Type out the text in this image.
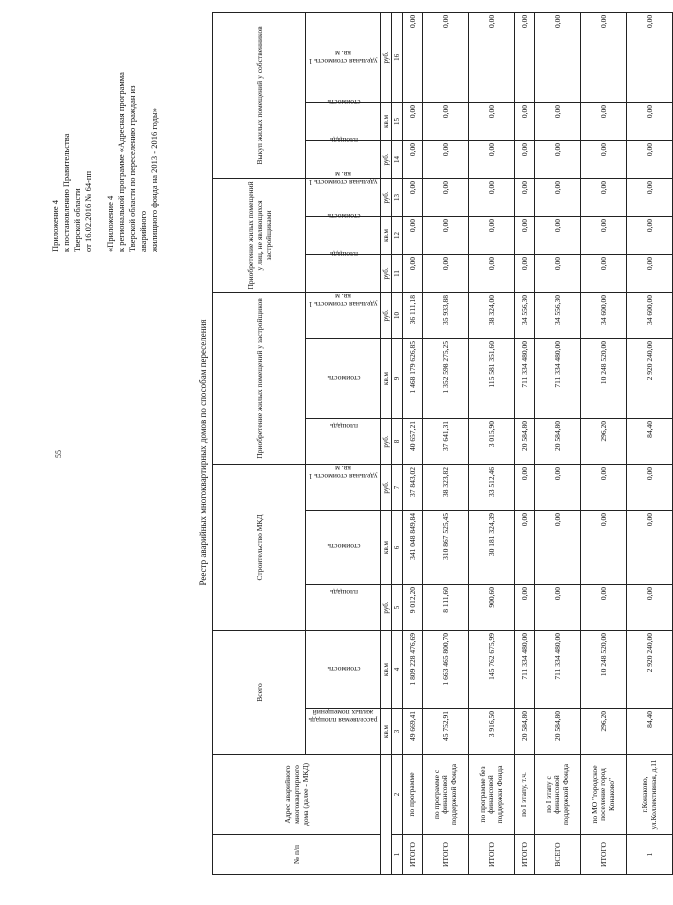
55

Приложение 4 к постановлению Правительства Тверской области от 16.02.2016 № 64-пп «Приложение 4 к региональной программе «Адресная программа Тверской области по переселению граждан из аварийного жилищного фонда на 2013 - 2016 годы»

Реестр аварийных многоквартирных домов по способам переселения
№ п/п	Адрес аварийного многоквартирного дома (далее - МКД)	Всего		Строительство МКД			Приобретение жилых помещений у застройщиков			Приобретение жилых помещений у лиц, не являющихся застройщиками			Выкуп жилых помещений у собственников			
		расселяемая площадь жилых помещений	стоимость	площадь	стоимость	удельная стоимость 1 кв. м	площадь	стоимость	удельная стоимость 1 кв. м	площадь	стоимость	удельная стоимость 1 кв. м	площадь	стоимость	удельная стоимость 1 кв. м	
		кв.м	кв.м	руб.	кв.м	руб.	руб.	кв.м	руб.	руб.	кв.м	руб.	руб.	кв.м	руб.	
1	2	3	4	5	6	7	8	9	10	11	12	13	14	15	16	
ИТОГО	по программе	49 669,41	1 809 228 476,69	9 012,20	341 048 849,84	37 843,02	40 657,21	1 468 179 626,85	36 111,18	0,00	0,00	0,00	0,00	0,00	0,00	
ИТОГО	по программе с финансовой поддержкой Фонда	45 752,91	1 663 465 800,70	8 111,60	310 867 525,45	38 323,82	37 641,31	1 352 598 275,25	35 933,88	0,00	0,00	0,00	0,00	0,00	0,00	
ИТОГО	по программе без финансовой поддержки Фонда	3 916,50	145 762 675,99	900,60	30 181 324,39	33 512,46	3 015,90	115 581 351,60	38 324,00	0,00	0,00	0,00	0,00	0,00	0,00	
ИТОГО	по I этапу, т.ч.	20 584,80	711 334 480,00	0,00	0,00	0,00	20 584,80	711 334 480,00	34 556,30	0,00	0,00	0,00	0,00	0,00	0,00	
ВСЕГО	по I этапу с финансовой поддержкой Фонда	20 584,80	711 334 480,00	0,00	0,00	0,00	20 584,80	711 334 480,00	34 556,30	0,00	0,00	0,00	0,00	0,00	0,00	
ИТОГО	по МО "городское поселение город Конаково"	296,20	10 248 520,00	0,00	0,00	0,00	296,20	10 248 520,00	34 600,00	0,00	0,00	0,00	0,00	0,00	0,00	
1	г.Конаково, ул.Коллективная, д.11	84,40	2 920 240,00	0,00	0,00	0,00	84,40	2 920 240,00	34 600,00	0,00	0,00	0,00	0,00	0,00	0,00	
